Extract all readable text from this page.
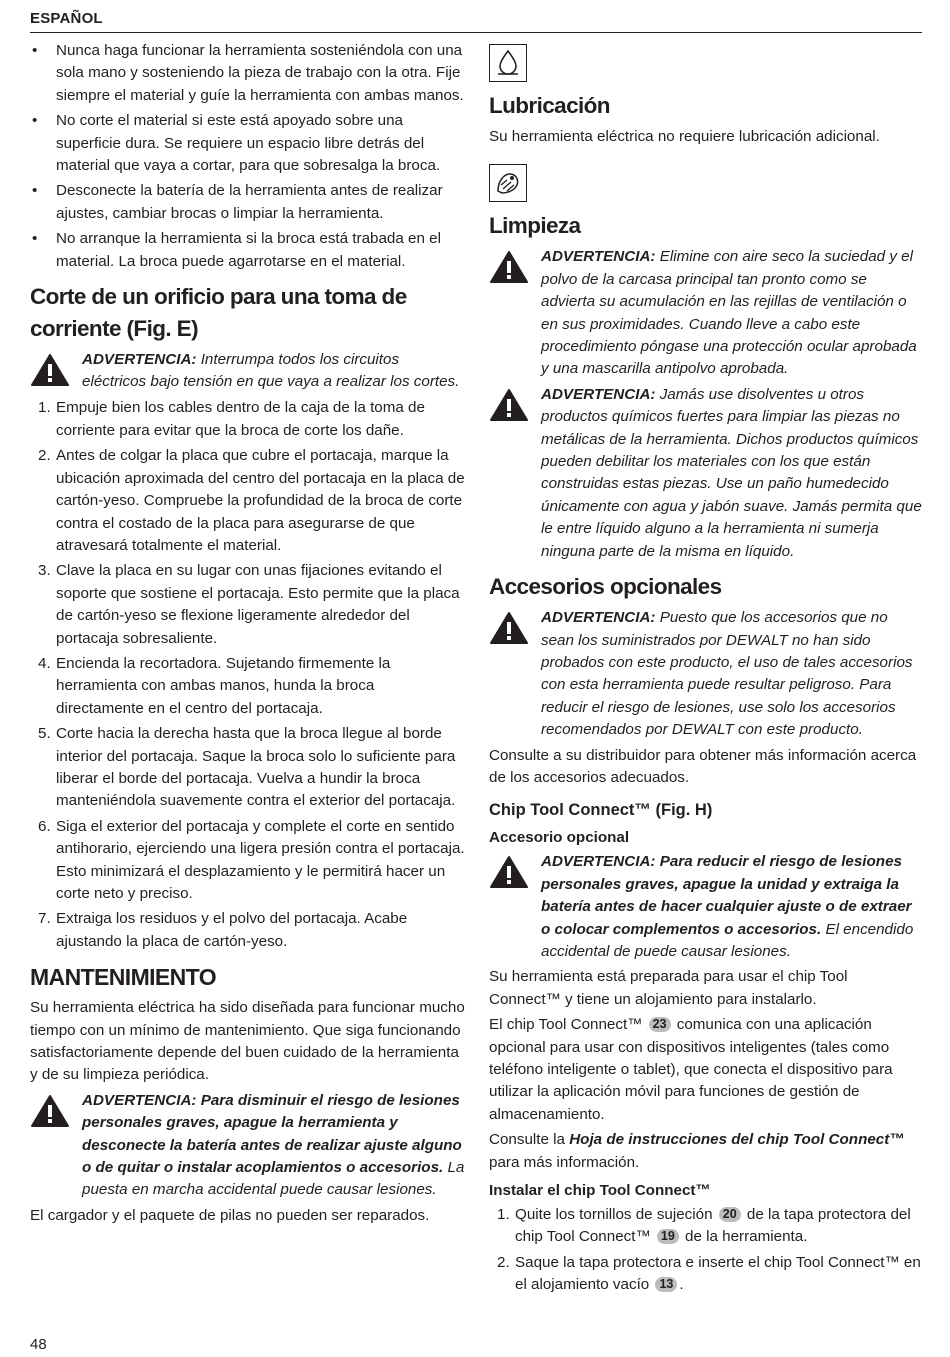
ESPAÑOL
• Nunca haga funcionar la herramienta sosteniéndola con una sola mano y sosteniendo la pieza de trabajo con la otra. Fije siempre el material y guíe la herramienta con ambas manos.
• No corte el material si este está apoyado sobre una superficie dura. Se requiere un espacio libre detrás del material que vaya a cortar, para que sobresalga la broca.
• Desconecte la batería de la herramienta antes de realizar ajustes, cambiar brocas o limpiar la herramienta.
• No arranque la herramienta si la broca está trabada en el material. La broca puede agarrotarse en el material.
Corte de un orificio para una toma de corriente (Fig. E)
ADVERTENCIA: Interrumpa todos los circuitos eléctricos bajo tensión en que vaya a realizar los cortes.
1. Empuje bien los cables dentro de la caja de la toma de corriente para evitar que la broca de corte los dañe.
2. Antes de colgar la placa que cubre el portacaja, marque la ubicación aproximada del centro del portacaja en la placa de cartón‑yeso. Compruebe la profundidad de la broca de corte contra el costado de la placa para asegurarse de que atravesará totalmente el material.
3. Clave la placa en su lugar con unas fijaciones evitando el soporte que sostiene el portacaja. Esto permite que la placa de cartón‑yeso se flexione ligeramente alrededor del portacaja sobresaliente.
4. Encienda la recortadora. Sujetando firmemente la herramienta con ambas manos, hunda la broca directamente en el centro del portacaja.
5. Corte hacia la derecha hasta que la broca llegue al borde interior del portacaja. Saque la broca solo lo suficiente para liberar el borde del portacaja. Vuelva a hundir la broca manteniéndola suavemente contra el exterior del portacaja.
6. Siga el exterior del portacaja y complete el corte en sentido antihorario, ejerciendo una ligera presión contra el portacaja. Esto minimizará el desplazamiento y le permitirá hacer un corte neto y preciso.
7. Extraiga los residuos y el polvo del portacaja. Acabe ajustando la placa de cartón‑yeso.
MANTENIMIENTO

Su herramienta eléctrica ha sido diseñada para funcionar mucho tiempo con un mínimo de mantenimiento. Que siga funcionando satisfactoriamente depende del buen cuidado de la herramienta y de su limpieza periódica.

ADVERTENCIA: Para disminuir el riesgo de lesiones personales graves, apague la herramienta y desconecte la batería antes de realizar ajuste alguno o de quitar o instalar acoplamientos o accesorios. La puesta en marcha accidental puede causar lesiones.

El cargador y el paquete de pilas no pueden ser reparados.

Lubricación

Su herramienta eléctrica no requiere lubricación adicional.

Limpieza
ADVERTENCIA: Elimine con aire seco la suciedad y el polvo de la carcasa principal tan pronto como se advierta su acumulación en las rejillas de ventilación o en sus proximidades. Cuando lleve a cabo este procedimiento póngase una protección ocular aprobada y una mascarilla antipolvo aprobada.
ADVERTENCIA: Jamás use disolventes u otros productos químicos fuertes para limpiar las piezas no metálicas de la herramienta. Dichos productos químicos pueden debilitar los materiales con los que están construidas estas piezas. Use un paño humedecido únicamente con agua y jabón suave. Jamás permita que le entre líquido alguno a la herramienta ni sumerja ninguna parte de la misma en líquido.
Accesorios opcionales
ADVERTENCIA: Puesto que los accesorios que no sean los suministrados por DEWALT no han sido probados con este producto, el uso de tales accesorios con esta herramienta puede resultar peligroso. Para reducir el riesgo de lesiones, use solo los accesorios recomendados por DEWALT con este producto.

Consulte a su distribuidor para obtener más información acerca de los accesorios adecuados.

Chip Tool Connect™ (Fig. H)
Accesorio opcional
ADVERTENCIA: Para reducir el riesgo de lesiones personales graves, apague la unidad y extraiga la batería antes de hacer cualquier ajuste o de extraer o colocar complementos o accesorios. El encendido accidental de puede causar lesiones.

Su herramienta está preparada para usar el chip Tool Connect™ y tiene un alojamiento para instalarlo.

El chip Tool Connect™ 23 comunica con una aplicación opcional para usar con dispositivos inteligentes (tales como teléfono inteligente o tablet), que conecta el dispositivo para utilizar la aplicación móvil para funciones de gestión de almacenamiento.

Consulte la Hoja de instrucciones del chip Tool Connect™ para más información.

Instalar el chip Tool Connect™
1. Quite los tornillos de sujeción 20 de la tapa protectora del chip Tool Connect™ 19 de la herramienta.
2. Saque la tapa protectora e inserte el chip Tool Connect™ en el alojamiento vacío 13 .
48
